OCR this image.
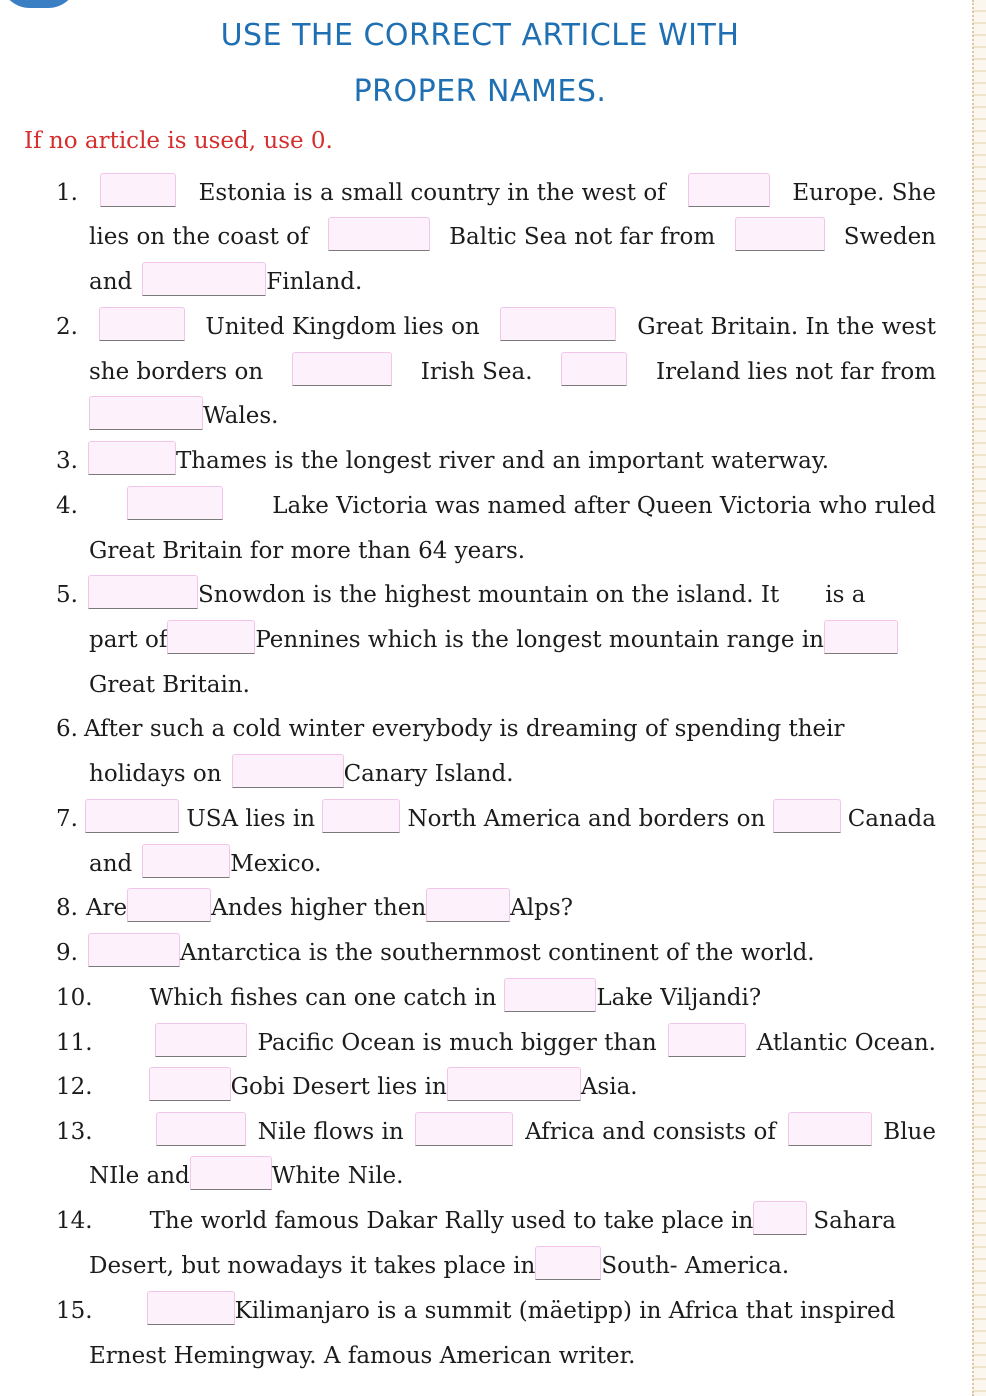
USE THE CORRECT ARTICLE WITH
PROPER NAMES.
If no article is used, use 0.
1.	Estonia is a small country in the west of	Europe. She
lies on the coast of	Baltic Sea not far from	Sweden
and	Finland.
2.	United Kingdom lies on	Great Britain. In the west
she borders on	Irish Sea.	Ireland lies not far from
Wales.
3.	Thames is the longest river and an important waterway.
4.	Lake Victoria was named after Queen Victoria who ruled
Great Britain for more than 64 years.
5.	Snowdon is the highest mountain on the island. It is a
part of	Pennines which is the longest mountain range in
Great Britain.
6. After such a cold winter everybody is dreaming of spending their
holidays on	Canary Island.
7.	USA lies in	North America and borders on	Canada
and	Mexico.
8. Are	Andes higher then	Alps?
9.	Antarctica is the southernmost continent of the world.
10. Which fishes can one catch in	Lake Viljandi?
11.	Pacific Ocean is much bigger than	Atlantic Ocean.
12.	Gobi Desert lies in	Asia.
13.	Nile flows in	Africa and consists of	Blue
NIle and	White Nile.
14. The world famous Dakar Rally used to take place in	Sahara
Desert, but nowadays it takes place in	South- America.
15.	Kilimanjaro is a summit (mäetipp) in Africa that inspired
Ernest Hemingway. A famous American writer.
